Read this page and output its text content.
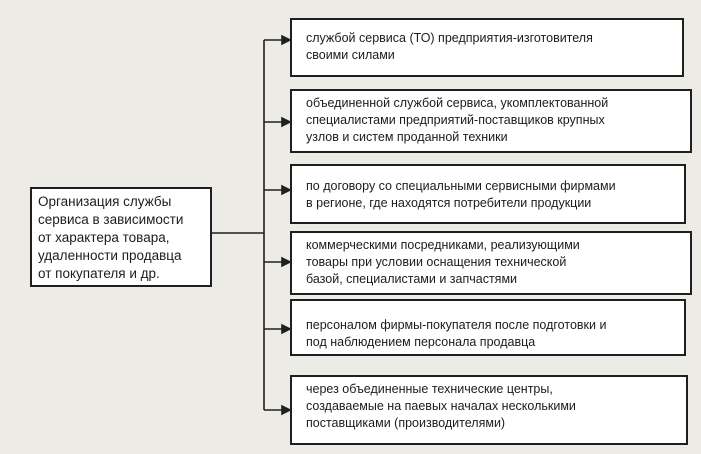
Организация службы
сервиса в зависимости
от характера товара,
удаленности продавца
от покупателя и др.
службой сервиса (ТО) предприятия-изготовителя
своими силами
объединенной службой сервиса, укомплектованной
специалистами предприятий-поставщиков крупных
узлов и систем проданной техники
по договору со специальными сервисными фирмами
в регионе, где находятся потребители продукции
коммерческими посредниками, реализующими
товары при условии оснащения технической
базой, специалистами и запчастями
персоналом фирмы-покупателя после подготовки и
под наблюдением персонала продавца
через объединенные технические центры,
создаваемые на паевых началах несколькими
поставщиками (производителями)
